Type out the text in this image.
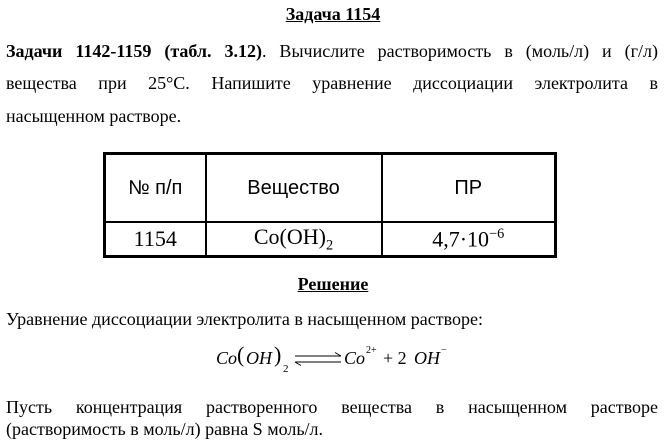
Задача 1154
Задачи 1142-1159 (табл. 3.12). Вычислите растворимость в (моль/л) и (г/л)
вещества при 25°С. Напишите уравнение диссоциации электролита в
насыщенном растворе.
№ п/п	Вещество	ПР
1154	$Co(OH)_2$	$4,7\cdot 10^{-6}$
Решение
Уравнение диссоциации электролита в насыщенном растворе:
Co ( OH )
2
⇌ Co 2+ + 2 OH −
Пусть концентрация растворенного вещества в насыщенном растворе
(растворимость в моль/л) равна S моль/л.
